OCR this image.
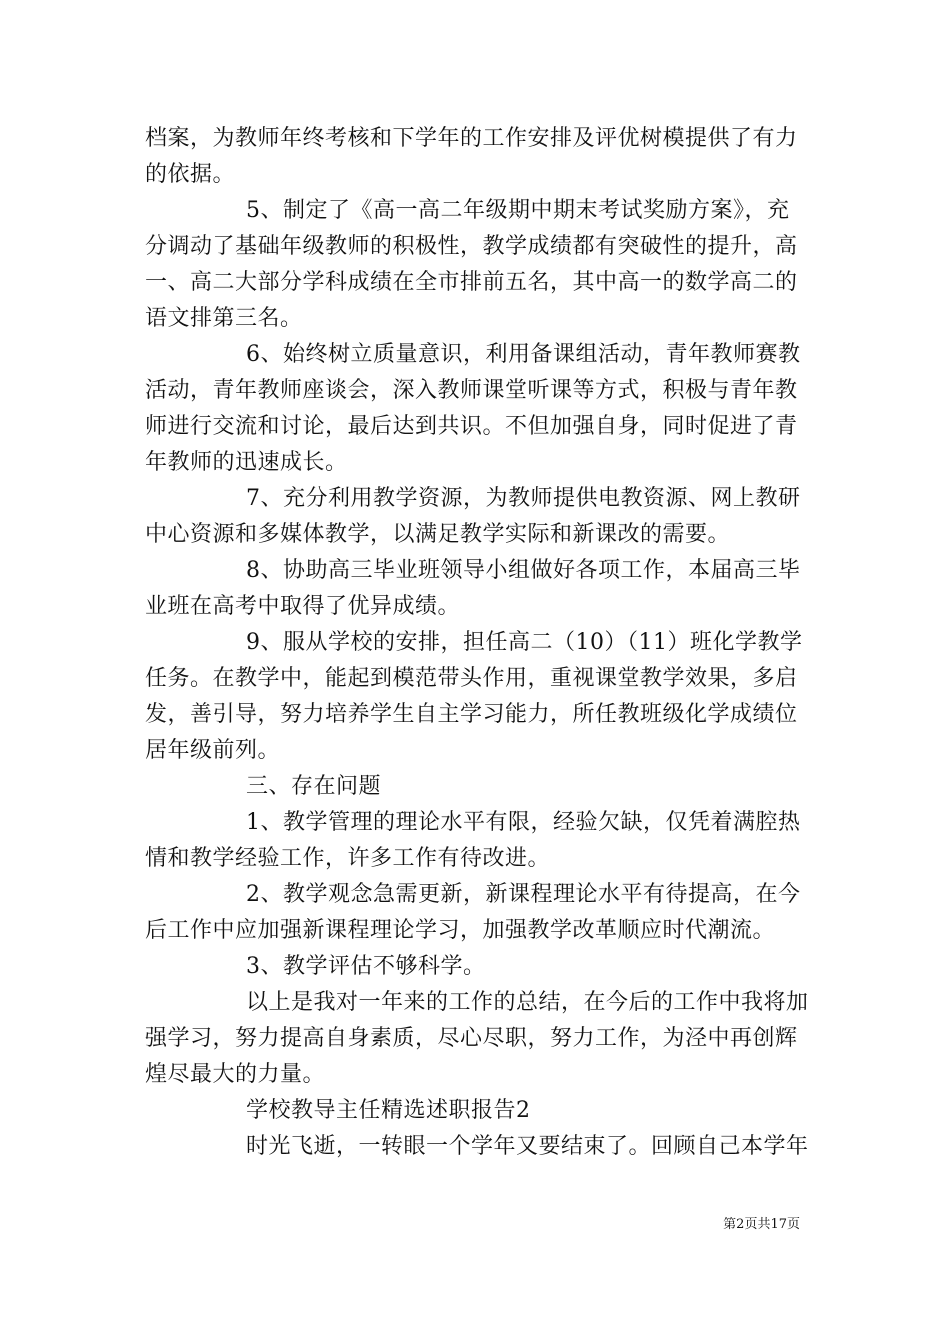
档案，为教师年终考核和下学年的工作安排及评优树模提供了有力
的依据。
5、制定了《高一高二年级期中期末考试奖励方案》，充
分调动了基础年级教师的积极性，教学成绩都有突破性的提升，高
一、高二大部分学科成绩在全市排前五名，其中高一的数学高二的
语文排第三名。
6、始终树立质量意识，利用备课组活动，青年教师赛教
活动，青年教师座谈会，深入教师课堂听课等方式，积极与青年教
师进行交流和讨论，最后达到共识。不但加强自身，同时促进了青
年教师的迅速成长。
7、充分利用教学资源，为教师提供电教资源、网上教研
中心资源和多媒体教学，以满足教学实际和新课改的需要。
8、协助高三毕业班领导小组做好各项工作，本届高三毕
业班在高考中取得了优异成绩。
9、服从学校的安排，担任高二（10）（11）班化学教学
任务。在教学中，能起到模范带头作用，重视课堂教学效果，多启
发，善引导，努力培养学生自主学习能力，所任教班级化学成绩位
居年级前列。
三、存在问题
1、教学管理的理论水平有限，经验欠缺，仅凭着满腔热
情和教学经验工作，许多工作有待改进。
2、教学观念急需更新，新课程理论水平有待提高，在今
后工作中应加强新课程理论学习，加强教学改革顺应时代潮流。
3、教学评估不够科学。
以上是我对一年来的工作的总结，在今后的工作中我将加
强学习，努力提高自身素质，尽心尽职，努力工作，为泾中再创辉
煌尽最大的力量。
学校教导主任精选述职报告2
时光飞逝，一转眼一个学年又要结束了。回顾自己本学年
第2页共17页
